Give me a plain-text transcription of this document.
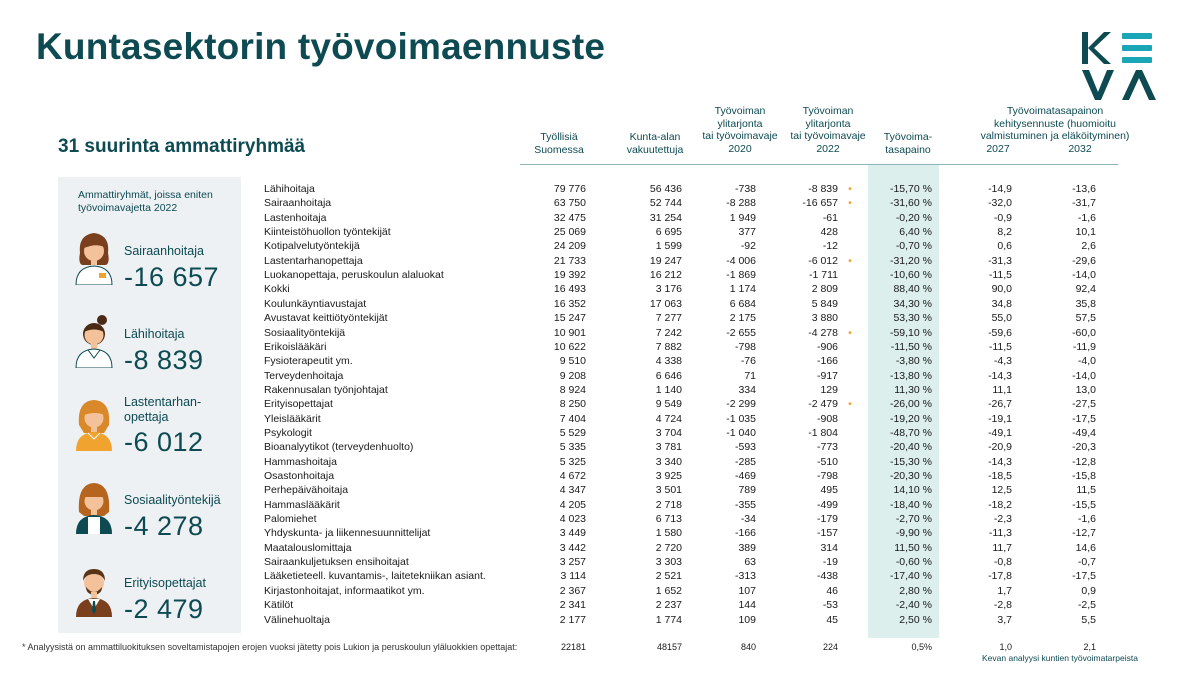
Kuntasektorin työvoimaennuste
31 suurinta ammattiryhmää	Työllisiä
Suomessa
Kunta-alan
vakuutettuja
Työvoiman
ylitarjonta
tai työvoimavaje
2020
Työvoiman
ylitarjonta
tai työvoimavaje
2022
Työvoima-
tasapaino
Työvoimatasapainon
kehitysennuste (huomioitu
valmistuminen ja eläköityminen)
2027	2032
Ammattiryhmät, joissa eniten
työvoimavajetta 2022
Sairaanhoitaja
-16 657
Lähihoitaja
-8 839
Lastentarhan-
opettaja
-6 012
Sosiaalityöntekijä
-4 278
Erityisopettajat
-2 479
Lähihoitaja	79 776	56 436	-738	-8 839 •	-15,70 %	-14,9	-13,6
Sairaanhoitaja	63 750	52 744	-8 288	-16 657 •	-31,60 %	-32,0	-31,7
Lastenhoitaja	32 475	31 254	1 949	-61	-0,20 %	-0,9	-1,6
Kiinteistöhuollon työntekijät	25 069	6 695	377	428	6,40 %	8,2	10,1
Kotipalvelutyöntekijä	24 209	1 599	-92	-12	-0,70 %	0,6	2,6
Lastentarhanopettaja	21 733	19 247	-4 006	-6 012 •	-31,20 %	-31,3	-29,6
Luokanopettaja, peruskoulun alaluokat	19 392	16 212	-1 869	-1 711	-10,60 %	-11,5	-14,0
Kokki	16 493	3 176	1 174	2 809	88,40 %	90,0	92,4
Koulunkäyntiavustajat	16 352	17 063	6 684	5 849	34,30 %	34,8	35,8
Avustavat keittiötyöntekijät	15 247	7 277	2 175	3 880	53,30 %	55,0	57,5
Sosiaalityöntekijä	10 901	7 242	-2 655	-4 278 •	-59,10 %	-59,6	-60,0
Erikoislääkäri	10 622	7 882	-798	-906	-11,50 %	-11,5	-11,9
Fysioterapeutit ym.	9 510	4 338	-76	-166	-3,80 %	-4,3	-4,0
Terveydenhoitaja	9 208	6 646	71	-917	-13,80 %	-14,3	-14,0
Rakennusalan työnjohtajat	8 924	1 140	334	129	11,30 %	11,1	13,0
Erityisopettajat	8 250	9 549	-2 299	-2 479 •	-26,00 %	-26,7	-27,5
Yleislääkärit	7 404	4 724	-1 035	-908	-19,20 %	-19,1	-17,5
Psykologit	5 529	3 704	-1 040	-1 804	-48,70 %	-49,1	-49,4
Bioanalyytikot (terveydenhuolto)	5 335	3 781	-593	-773	-20,40 %	-20,9	-20,3
Hammashoitaja	5 325	3 340	-285	-510	-15,30 %	-14,3	-12,8
Osastonhoitaja	4 672	3 925	-469	-798	-20,30 %	-18,5	-15,8
Perhepäivähoitaja	4 347	3 501	789	495	14,10 %	12,5	11,5
Hammaslääkärit	4 205	2 718	-355	-499	-18,40 %	-18,2	-15,5
Palomiehet	4 023	6 713	-34	-179	-2,70 %	-2,3	-1,6
Yhdyskunta- ja liikennesuunnittelijat	3 449	1 580	-166	-157	-9,90 %	-11,3	-12,7
Maatalouslomittaja	3 442	2 720	389	314	11,50 %	11,7	14,6
Sairaankuljetuksen ensihoitajat	3 257	3 303	63	-19	-0,60 %	-0,8	-0,7
Lääketieteell. kuvantamis-, laitetekniikan asiant.	3 114	2 521	-313	-438	-17,40 %	-17,8	-17,5
Kirjastonhoitajat, informaatikot ym.	2 367	1 652	107	46	2,80 %	1,7	0,9
Kätilöt	2 341	2 237	144	-53	-2,40 %	-2,8	-2,5
Välinehuoltaja	2 177	1 774	109	45	2,50 %	3,7	5,5
22181	48157	840	224	0,5%	1,0	2,1
* Analyysistä on ammattiluokituksen soveltamistapojen erojen vuoksi jätetty pois Lukion ja peruskoulun yläluokkien opettajat:
Kevan analyysi kuntien työvoimatarpeista
